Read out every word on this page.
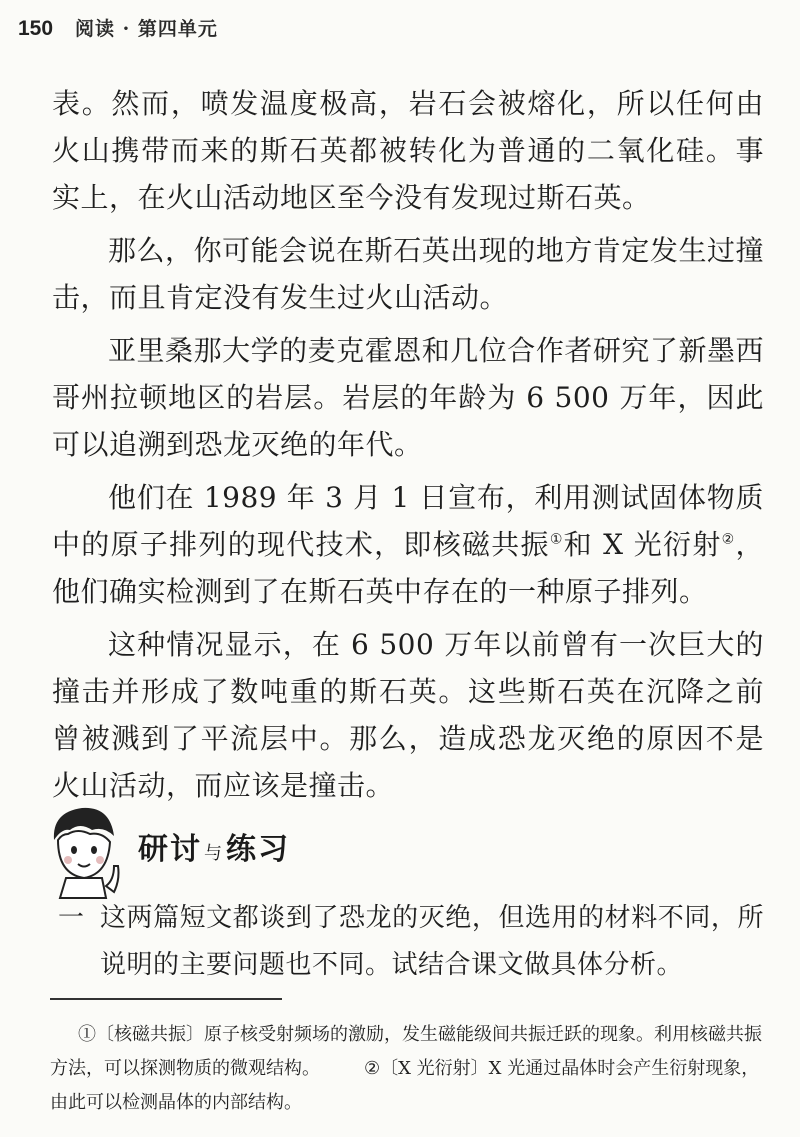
150 阅读 · 第四单元

表。然而，喷发温度极高，岩石会被熔化，所以任何由火山携带而来的斯石英都被转化为普通的二氧化硅。事实上，在火山活动地区至今没有发现过斯石英。

那么，你可能会说在斯石英出现的地方肯定发生过撞击，而且肯定没有发生过火山活动。

亚里桑那大学的麦克霍恩和几位合作者研究了新墨西哥州拉顿地区的岩层。岩层的年龄为 6 500 万年，因此可以追溯到恐龙灭绝的年代。

他们在 1989 年 3 月 1 日宣布，利用测试固体物质中的原子排列的现代技术，即核磁共振①和 X 光衍射②，他们确实检测到了在斯石英中存在的一种原子排列。

这种情况显示，在 6 500 万年以前曾有一次巨大的撞击并形成了数吨重的斯石英。这些斯石英在沉降之前曾被溅到了平流层中。那么，造成恐龙灭绝的原因不是火山活动，而应该是撞击。

研讨 与练习
一 这两篇短文都谈到了恐龙的灭绝，但选用的材料不同，所说明的主要问题也不同。试结合课文做具体分析。

①〔核磁共振〕原子核受射频场的激励，发生磁能级间共振迁跃的现象。利用核磁共振方法，可以探测物质的微观结构。 ②〔X 光衍射〕X 光通过晶体时会产生衍射现象，由此可以检测晶体的内部结构。
